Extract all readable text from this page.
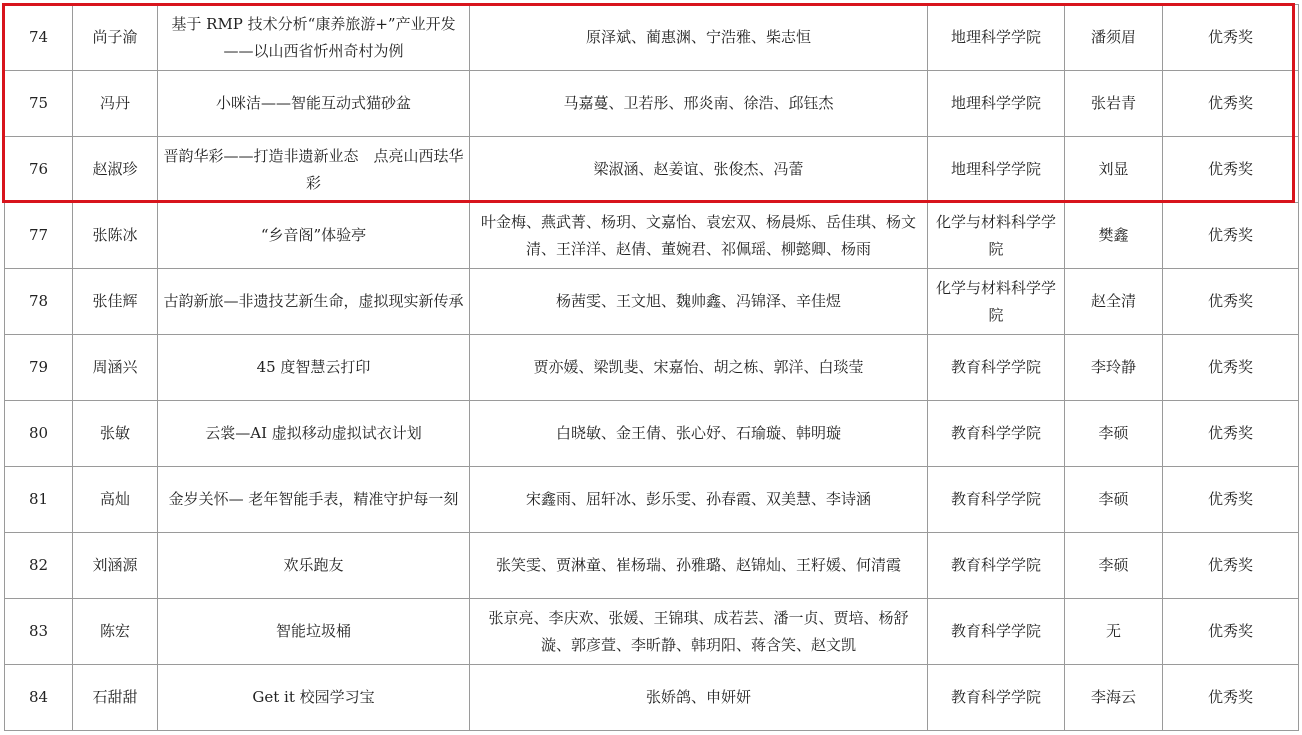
74	尚子渝	基于 RMP 技术分析“康养旅游+”产业开发——以山西省忻州奇村为例	原泽斌、蔺惠渊、宁浩雅、柴志恒	地理科学学院	潘须眉	优秀奖
75	冯丹	小咪洁——智能互动式猫砂盆	马嘉蔓、卫若彤、邢炎南、徐浩、邱钰杰	地理科学学院	张岩青	优秀奖
76	赵淑珍	晋韵华彩——打造非遗新业态　点亮山西珐华彩	梁淑涵、赵姜谊、张俊杰、冯蕾	地理科学学院	刘显	优秀奖
77	张陈冰	“乡音阁”体验亭	叶金梅、燕武菁、杨玥、文嘉怡、袁宏双、杨晨烁、岳佳琪、杨文清、王洋洋、赵倩、董婉君、祁佩瑶、柳懿卿、杨雨	化学与材料科学学院	樊鑫	优秀奖
78	张佳辉	古韵新旅—非遗技艺新生命，虚拟现实新传承	杨茜雯、王文旭、魏帅鑫、冯锦泽、辛佳煜	化学与材料科学学院	赵全清	优秀奖
79	周涵兴	45 度智慧云打印	贾亦媛、梁凯斐、宋嘉怡、胡之栋、郭洋、白琰莹	教育科学学院	李玲静	优秀奖
80	张敏	云裳—AI 虚拟移动虚拟试衣计划	白晓敏、金王倩、张心妤、石瑜璇、韩明璇	教育科学学院	李硕	优秀奖
81	高灿	金岁关怀— 老年智能手表，精准守护每一刻	宋鑫雨、屈轩冰、彭乐雯、孙春霞、双美慧、李诗涵	教育科学学院	李硕	优秀奖
82	刘涵源	欢乐跑友	张笑雯、贾淋童、崔杨瑞、孙雅璐、赵锦灿、王籽媛、何清霞	教育科学学院	李硕	优秀奖
83	陈宏	智能垃圾桶	张京亮、李庆欢、张媛、王锦琪、成若芸、潘一贞、贾培、杨舒漩、郭彦萱、李昕静、韩玥阳、蒋含笑、赵文凯	教育科学学院	无	优秀奖
84	石甜甜	Get it 校园学习宝	张娇鸽、申妍妍	教育科学学院	李海云	优秀奖
